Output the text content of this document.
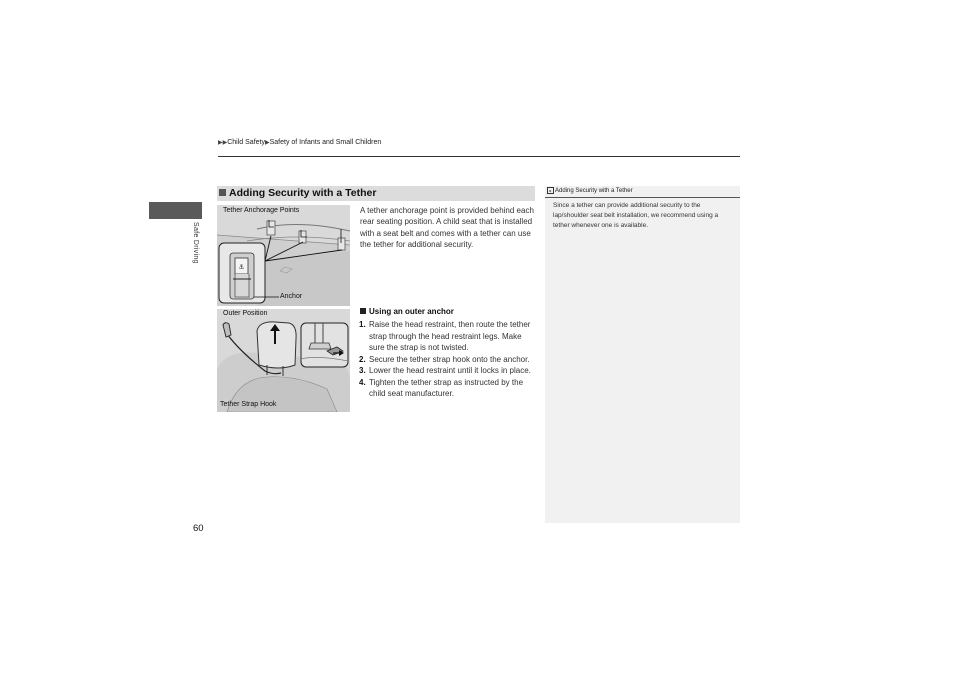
▶▶Child Safety▶Safety of Infants and Small Children
Safe Driving
Adding Security with a Tether
⚓
Tether Anchorage Points
Anchor
Outer Position
Tether Strap Hook

A tether anchorage point is provided behind each rear seating position. A child seat that is installed with a seat belt and comes with a tether can use the tether for additional security.

Using an outer anchor
1. Raise the head restraint, then route the tether strap through the head restraint legs. Make sure the strap is not twisted.
2. Secure the tether strap hook onto the anchor.
3. Lower the head restraint until it locks in place.
4. Tighten the tether strap as instructed by the child seat manufacturer.
▸ Adding Security with a Tether
Since a tether can provide additional security to the lap/shoulder seat belt installation, we recommend using a tether whenever one is available.
60
